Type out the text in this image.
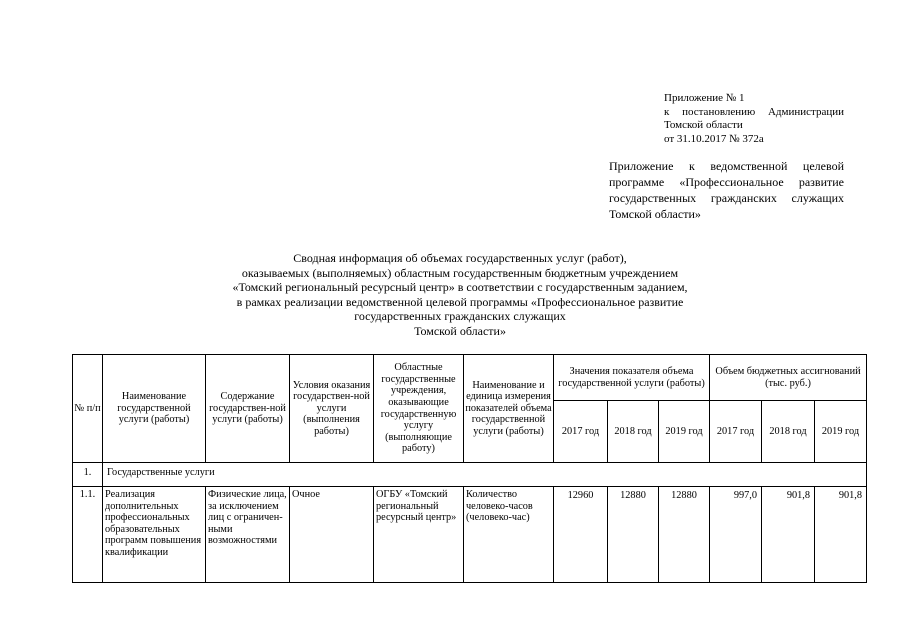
Приложение № 1
к постановлению Администрации
Томской области
от 31.10.2017 № 372а
Приложение к ведомственной целевой
программе «Профессиональное развитие
государственных гражданских служащих
Томской области»
Сводная информация об объемах государственных услуг (работ),
оказываемых (выполняемых) областным государственным бюджетным учреждением
«Томский региональный ресурсный центр» в соответствии с государственным заданием,
в рамках реализации ведомственной целевой программы «Профессиональное развитие
государственных гражданских служащих
Томской области»
№ п/п	Наименование государственной услуги (работы)	Содержание государствен-ной услуги (работы)	Условия оказания государствен-ной услуги (выполнения работы)	Областные государственные учреждения, оказывающие государственную услугу (выполняющие работу)	Наименование и единица измерения показателей объема государственной услуги (работы)	Значения показателя объема государственной услуги (работы)			Объем бюджетных ассигнований (тыс. руб.)		
						2017 год	2018 год	2019 год	2017 год	2018 год	2019 год
1.	Государственные услуги										
1.1.	Реализация дополнительных профессиональных образовательных программ повышения квалификации	Физические лица, за исключением лиц с ограничен-ными возможностями	Очное	ОГБУ «Томский региональный ресурсный центр»	Количество человеко-часов (человеко-час)	12960	12880	12880	997,0	901,8	901,8
